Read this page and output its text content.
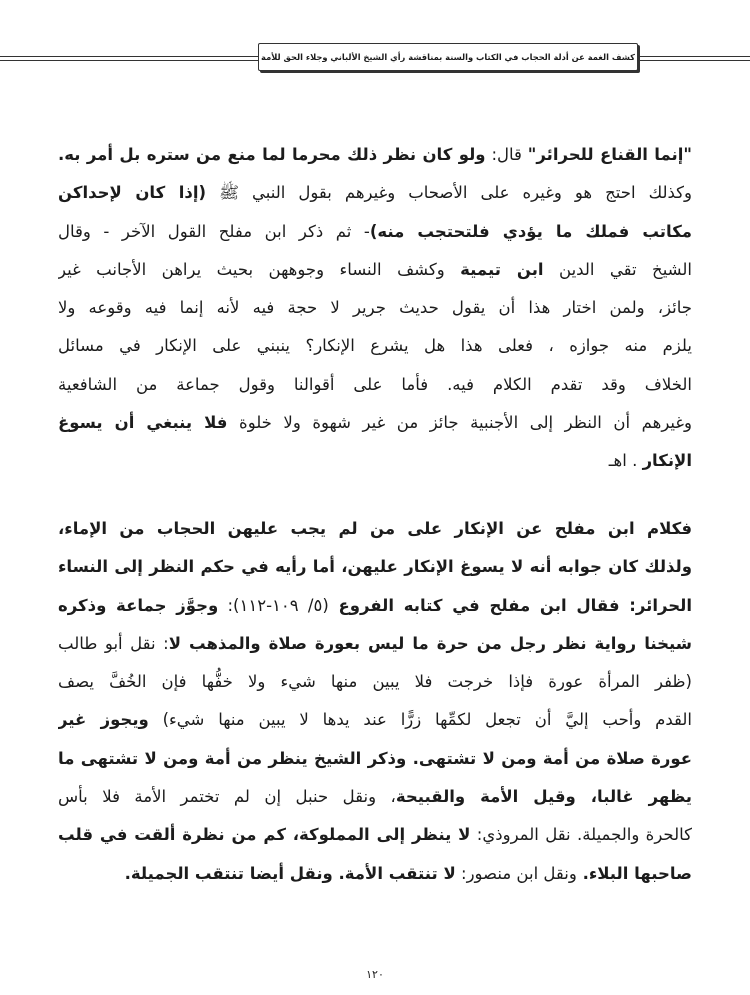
كشف الغمة عن أدلة الحجاب في الكتاب والسنة بمناقشة رأي الشيخ الألباني وجلاء الحق للأمة
"إنما القناع للحرائر" قال: ولو كان نظر ذلك محرما لما منع من ستره بل أمر به.
وكذلك احتج هو وغيره على الأصحاب وغيرهم بقول النبي ﷺ (إذا كان لإحداكن
مكاتب فملك ما يؤدي فلتحتجب منه)- ثم ذكر ابن مفلح القول الآخر - وقال
الشيخ تقي الدين ابن تيمية وكشف النساء وجوههن بحيث يراهن الأجانب غير
جائز، ولمن اختار هذا أن يقول حديث جرير لا حجة فيه لأنه إنما فيه وقوعه ولا
يلزم منه جوازه ، فعلى هذا هل يشرع الإنكار؟ ينبني على الإنكار في مسائل
الخلاف وقد تقدم الكلام فيه. فأما على أقوالنا وقول جماعة من الشافعية
وغيرهم أن النظر إلى الأجنبية جائز من غير شهوة ولا خلوة فلا ينبغي أن يسوغ
الإنكار . اهـ
فكلام ابن مفلح عن الإنكار على من لم يجب عليهن الحجاب من الإماء،
ولذلك كان جوابه أنه لا يسوغ الإنكار عليهن، أما رأيه في حكم النظر إلى النساء
الحرائر: فقال ابن مفلح في كتابه الفروع (٥/ ١٠٩-١١٢): وجوَّز جماعة وذكره
شيخنا رواية نظر رجل من حرة ما ليس بعورة صلاة والمذهب لا: نقل أبو طالب
(ظفر المرأة عورة فإذا خرجت فلا يبين منها شيء ولا خفُّها فإن الخُفَّ يصف
القدم وأحب إليَّ أن تجعل لكمِّها زرًّا عند يدها لا يبين منها شيء) ويجوز غير
عورة صلاة من أمة ومن لا تشتهى. وذكر الشيخ ينظر من أمة ومن لا تشتهى ما
يظهر غالبا، وقيل الأمة والقبيحة، ونقل حنبل إن لم تختمر الأمة فلا بأس
كالحرة والجميلة. نقل المروذي: لا ينظر إلى المملوكة، كم من نظرة ألقت في قلب
صاحبها البلاء. ونقل ابن منصور: لا تنتقب الأمة. ونقل أيضا تنتقب الجميلة.
١٢٠
